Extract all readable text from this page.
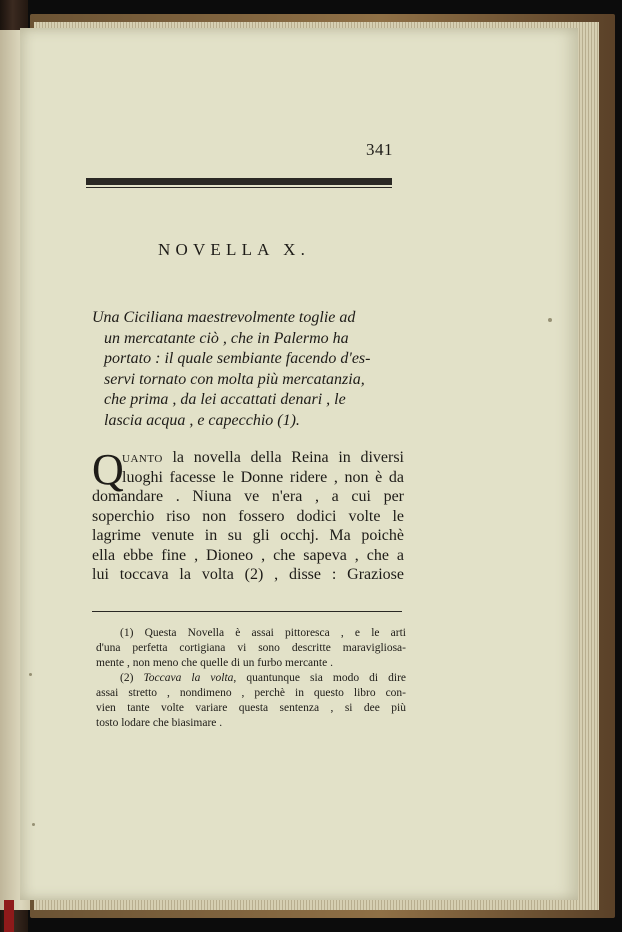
341

NOVELLA X.

Una Ciciliana maestrevolmente toglie ad
un mercatante ciò , che in Palermo ha
portato : il quale sembiante facendo d'es-
servi tornato con molta più mercatanzia,
che prima , da lei accattati denari , le
lascia acqua , e capecchio (1).
Q
uanto la novella della Reina in diversi
luoghi facesse le Donne ridere , non è da
domandare . Niuna ve n'era , a cui per
soperchio riso non fossero dodici volte le
lagrime venute in su gli occhj. Ma poichè
ella ebbe fine , Dioneo , che sapeva , che a
lui toccava la volta (2) , disse : Graziose
(1) Questa Novella è assai pittoresca , e le arti
d'una perfetta cortigiana vi sono descritte maravigliosa-
mente , non meno che quelle di un furbo mercante .
(2) Toccava la volta, quantunque sia modo di dire
assai stretto , nondimeno , perchè in questo libro con-
vien tante volte variare questa sentenza , si dee più
tosto lodare che biasimare .
